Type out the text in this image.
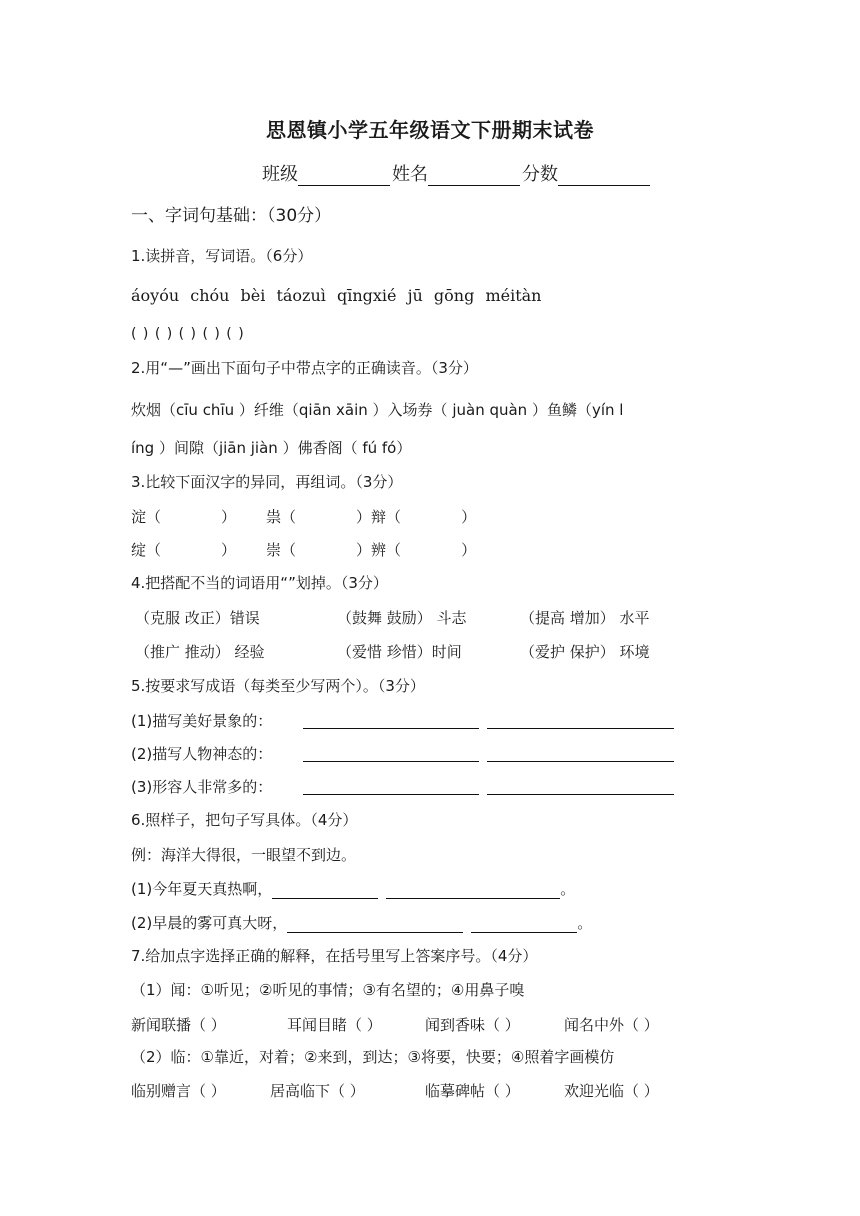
思恩镇小学五年级语文下册期末试卷
班级	姓名	分数
一、字词句基础：（30分）
1.读拼音，写词语。（6分）
áoyóu chóu bèi táozuì qīngxié jū gōng méitàn
( ) ( ) ( ) ( ) ( )
2.用“—”画出下面句子中带点字的正确读音。（3分）
炊烟（cīu chīu ）纤维（qiān xāin ）入场券（ juàn quàn ）鱼鳞（yín l
íng ）间隙（jiān jiàn ）佛香阁（ fú fó）
3.比较下面汉字的异同，再组词。（3分）
淀（	） 祟（	）辩（	）
绽（	） 崇（	）辨（	）
4.把搭配不当的词语用“”划掉。（3分）
（克服 改正）错误	（鼓舞 鼓励） 斗志	（提高 增加） 水平
（推广 推动） 经验	（爱惜 珍惜）时间	（爱护 保护） 环境
5.按要求写成语（每类至少写两个）。（3分）
(1)描写美好景象的：
(2)描写人物神态的：
(3)形容人非常多的：
6.照样子，把句子写具体。（4分）
例：海洋大得很，一眼望不到边。
(1)今年夏天真热啊，	。
(2)早晨的雾可真大呀，	。
7.给加点字选择正确的解释，在括号里写上答案序号。（4分）
（1）闻：①听见；②听见的事情；③有名望的；④用鼻子嗅
新闻联播（ ）	耳闻目睹（ ）	闻到香味（ ）	闻名中外（ ）
（2）临：①靠近，对着；②来到，到达；③将要，快要；④照着字画模仿
临别赠言（ ）	居高临下（ ）	临摹碑帖（ ）	欢迎光临（ ）
